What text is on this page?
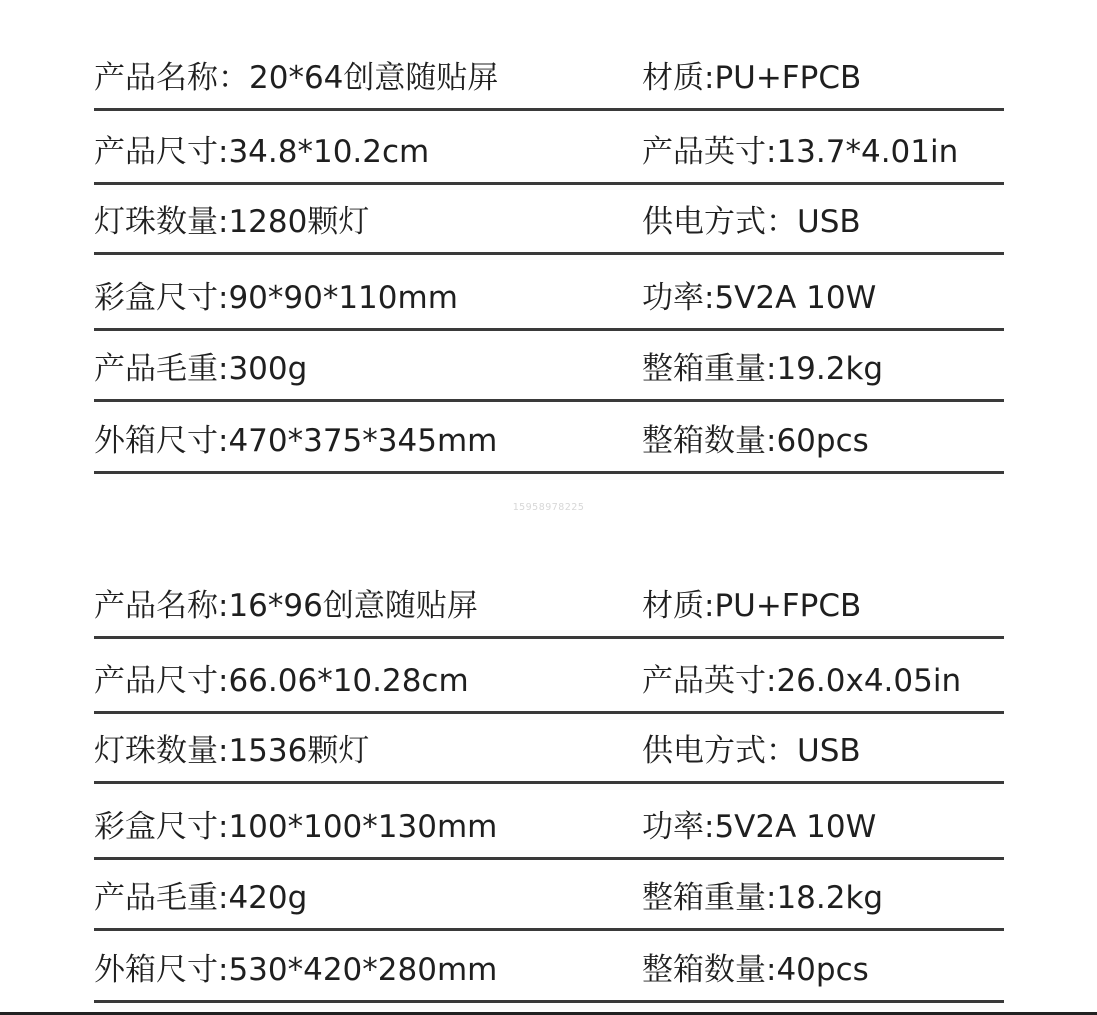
产品名称：20*64创意随贴屏	材质:PU+FPCB
产品尺寸:34.8*10.2cm	产品英寸:13.7*4.01in
灯珠数量:1280颗灯	供电方式：USB
彩盒尺寸:90*90*110mm	功率:5V2A 10W
产品毛重:300g	整箱重量:19.2kg
外箱尺寸:470*375*345mm	整箱数量:60pcs
15958978225
产品名称:16*96创意随贴屏	材质:PU+FPCB
产品尺寸:66.06*10.28cm	产品英寸:26.0x4.05in
灯珠数量:1536颗灯	供电方式：USB
彩盒尺寸:100*100*130mm	功率:5V2A 10W
产品毛重:420g	整箱重量:18.2kg
外箱尺寸:530*420*280mm	整箱数量:40pcs
